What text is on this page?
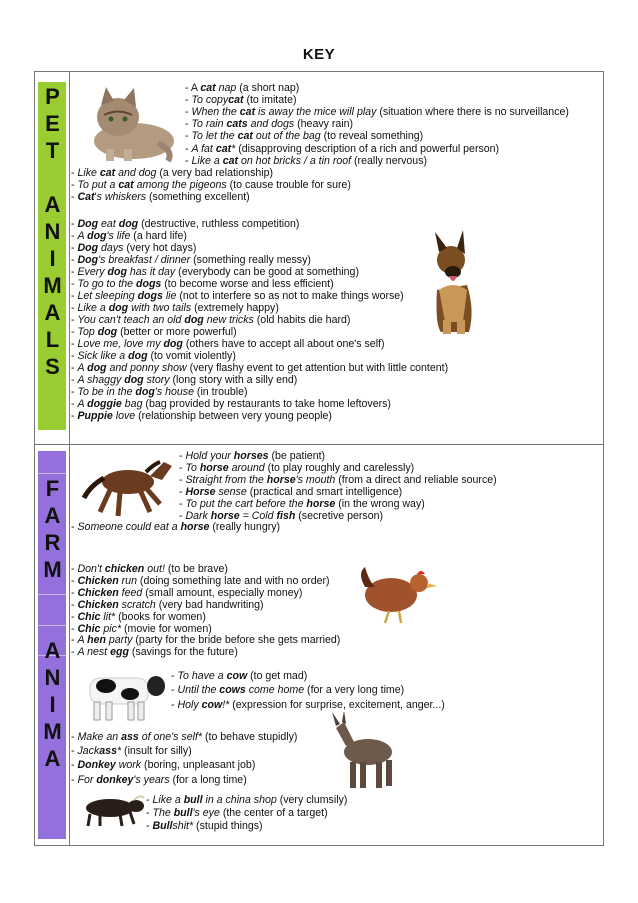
KEY
P
E
T

A
N
I
M
A
L
S
F
A
R
M

A
N
I
M
A
- A cat nap (a short nap)
- To copycat (to imitate)
- When the cat is away the mice will play (situation where there is no surveillance)
- To rain cats and dogs (heavy rain)
- To let the cat out of the bag (to reveal something)
- A fat cat* (disapproving description of a rich and powerful person)
- Like a cat on hot bricks / a tin roof (really nervous)
- Like cat and dog (a very bad relationship)
- To put a cat among the pigeons (to cause trouble for sure)
- Cat's whiskers (something excellent)
- Dog eat dog (destructive, ruthless competition)
- A dog's life (a hard life)
- Dog days (very hot days)
- Dog's breakfast / dinner (something really messy)
- Every dog has it day (everybody can be good at something)
- To go to the dogs (to become worse and less efficient)
- Let sleeping dogs lie (not to interfere so as not to make things worse)
- Like a dog with two tails (extremely happy)
- You can't teach an old dog new tricks (old habits die hard)
- Top dog (better or more powerful)
- Love me, love my dog (others have to accept all about one's self)
- Sick like a dog (to vomit violently)
- A dog and ponny show (very flashy event to get attention but with little content)
- A shaggy dog story (long story with a silly end)
- To be in the dog's house (in trouble)
- A doggie bag (bag provided by restaurants to take home leftovers)
- Puppie love (relationship between very young people)
- Hold your horses (be patient)
- To horse around (to play roughly and carelessly)
- Straight from the horse's mouth (from a direct and reliable source)
- Horse sense (practical and smart intelligence)
- To put the cart before the horse (in the wrong way)
- Dark horse = Cold fish (secretive person)
- Someone could eat a horse (really hungry)
- Don't chicken out! (to be brave)
- Chicken run (doing something late and with no order)
- Chicken feed (small amount, especially money)
- Chicken scratch (very bad handwriting)
- Chic lit* (books for women)
- Chic pic* (movie for women)
- A hen party (party for the bride before she gets married)
- A nest egg (savings for the future)
- To have a cow (to get mad)
- Until the cows come home (for a very long time)
- Holy cow!* (expression for surprise, excitement, anger...)
- Make an ass of one's self* (to behave stupidly)
- Jackass* (insult for silly)
- Donkey work (boring, unpleasant job)
- For donkey's years (for a long time)
- Like a bull in a china shop (very clumsily)
- The bull's eye (the center of a target)
- Bullshit* (stupid things)
